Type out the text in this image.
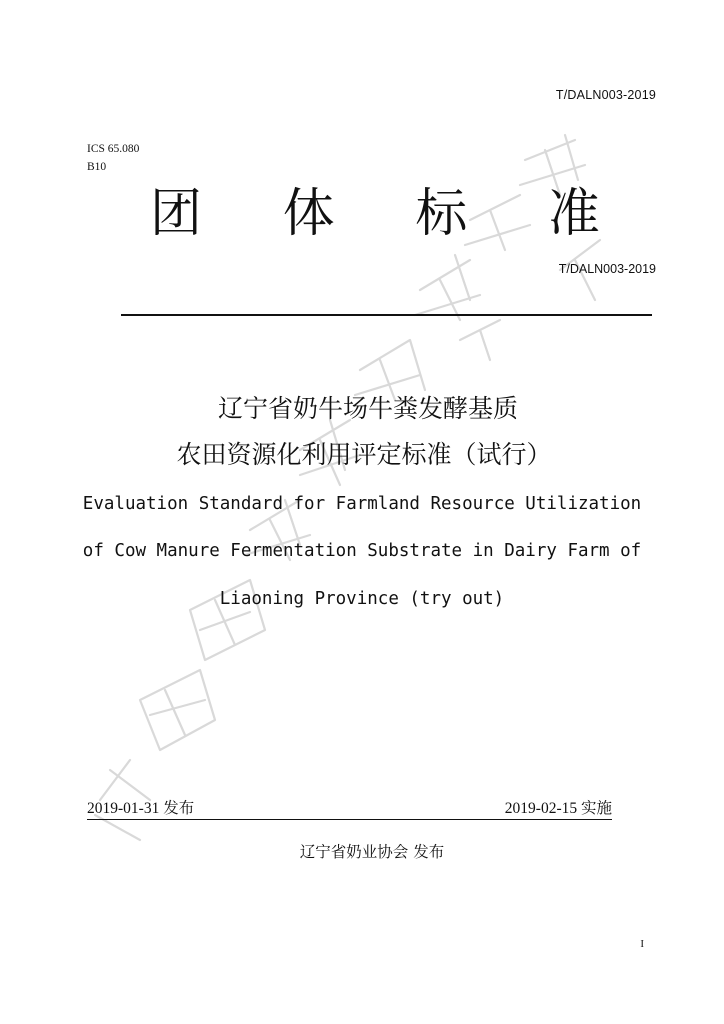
T/DALN003-2019
ICS 65.080
B10
团 体 标 准
T/DALN003-2019
辽宁省奶牛场牛粪发酵基质
农田资源化利用评定标准（试行）
Evaluation Standard for Farmland Resource Utilization
of Cow Manure Fermentation Substrate in Dairy Farm of
Liaoning Province (try out)
2019-01-31 发布	2019-02-15 实施
辽宁省奶业协会 发布
I
